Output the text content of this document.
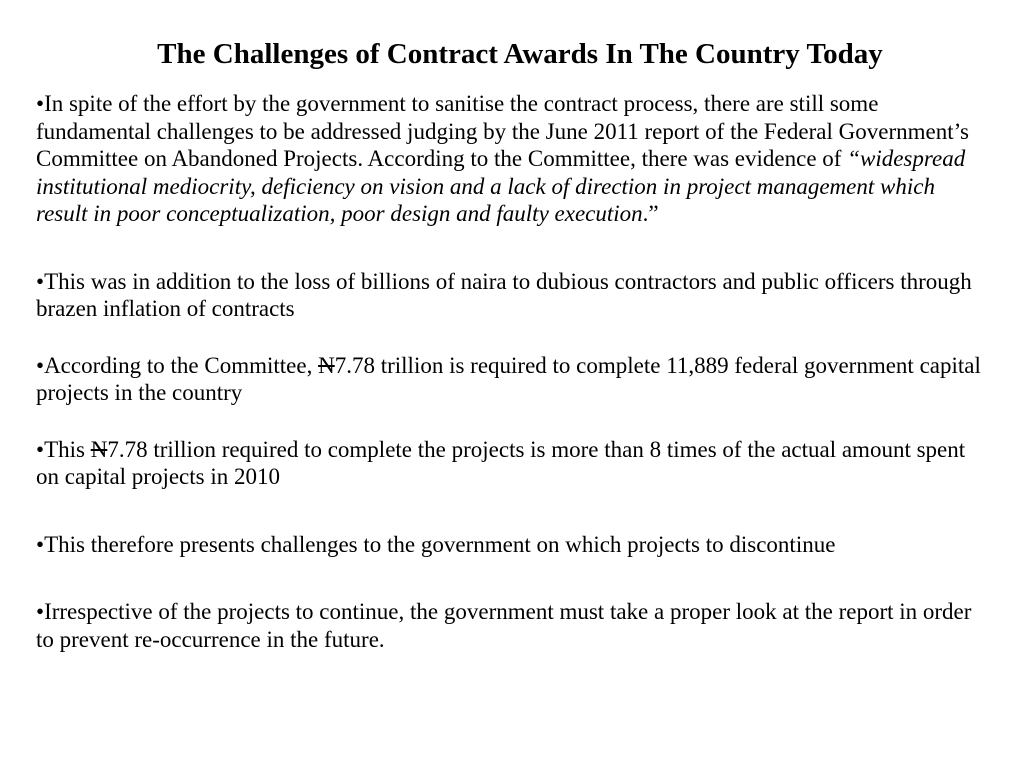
The Challenges of Contract Awards In The Country Today

•In spite of the effort by the government to sanitise the contract process, there are still some fundamental challenges to be addressed judging by the June 2011 report of the Federal Government’s Committee on Abandoned Projects. According to the Committee, there was evidence of “widespread institutional mediocrity, deficiency on vision and a lack of direction in project management which result in poor conceptualization, poor design and faulty execution.”

•This was in addition to the loss of billions of naira to dubious contractors and public officers through brazen inflation of contracts

•According to the Committee, N7.78 trillion is required to complete 11,889 federal government capital projects in the country

•This N7.78 trillion required to complete the projects is more than 8 times of the actual amount spent on capital projects in 2010

•This therefore presents challenges to the government on which projects to discontinue

•Irrespective of the projects to continue, the government must take a proper look at the report in order to prevent re-occurrence in the future.
